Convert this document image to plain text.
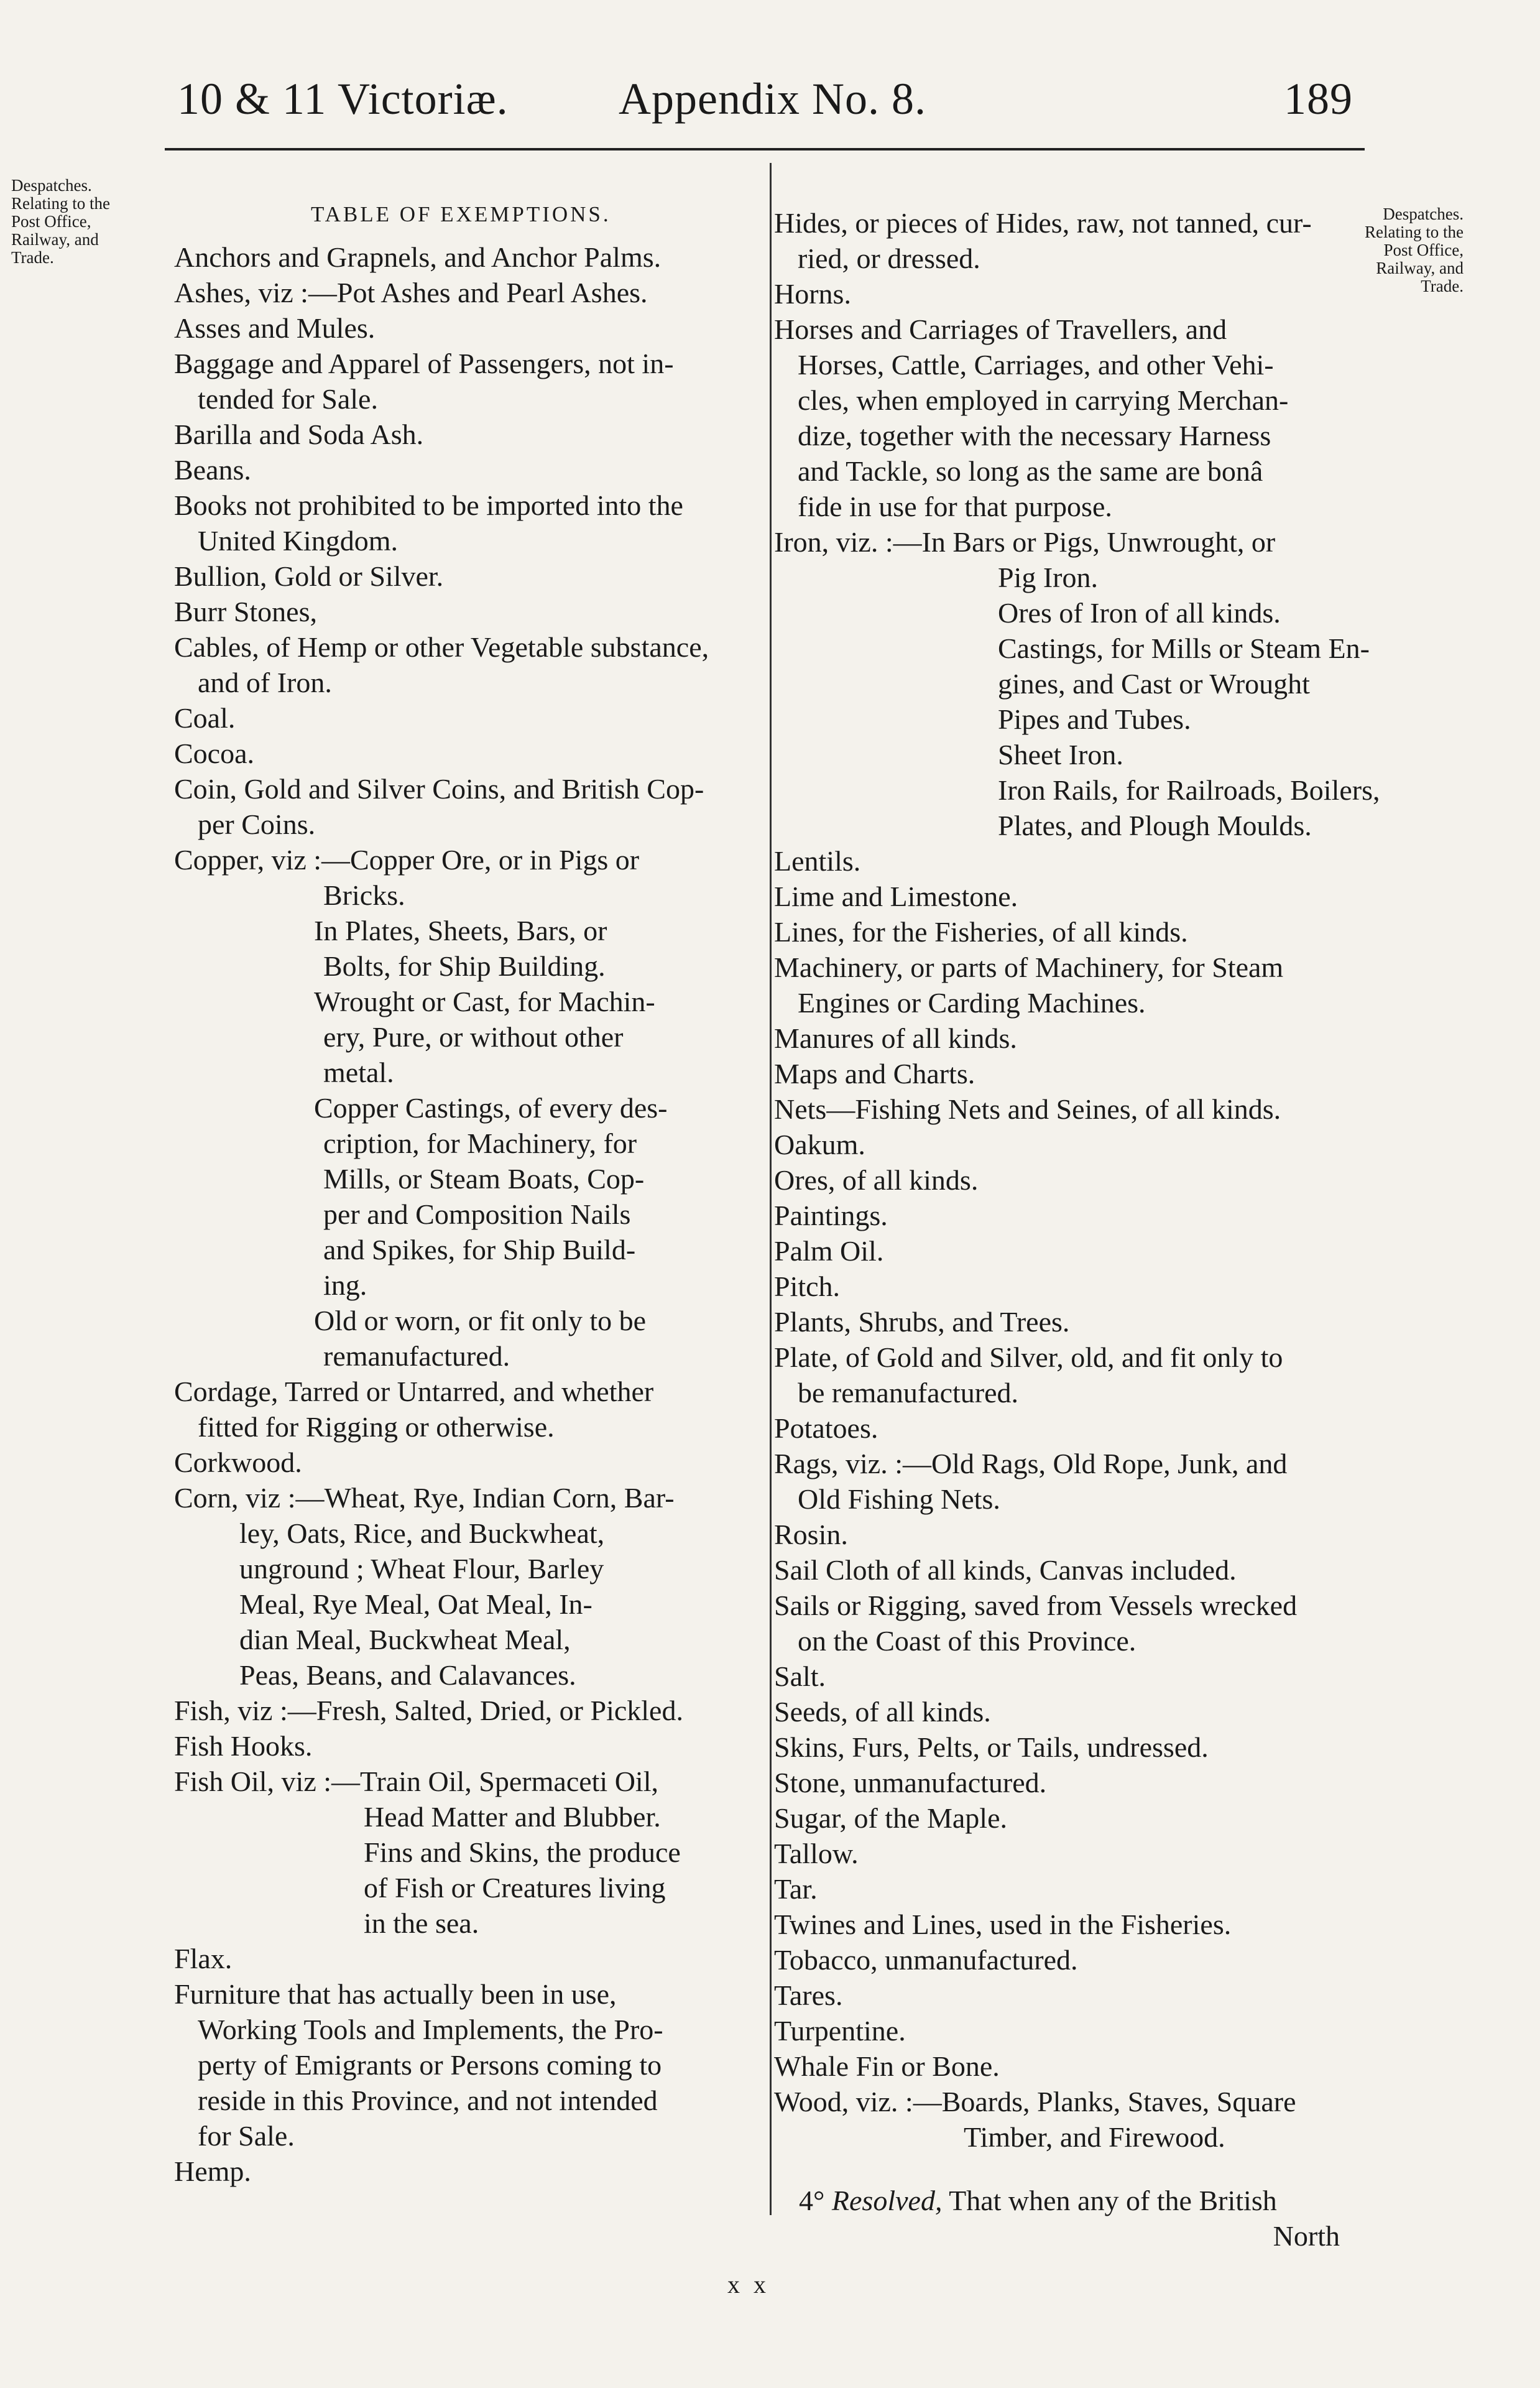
10 & 11 Victoriæ. Appendix No. 8.	189
Despatches.
Relating to the
Post Office,
Railway, and
Trade.
Despatches.
Relating to the
Post Office,
Railway, and
Trade.
TABLE OF EXEMPTIONS.
Anchors and Grapnels, and Anchor Palms.
Ashes, viz :—Pot Ashes and Pearl Ashes.
Asses and Mules.
Baggage and Apparel of Passengers, not in-
tended for Sale.
Barilla and Soda Ash.
Beans.
Books not prohibited to be imported into the
United Kingdom.
Bullion, Gold or Silver.
Burr Stones,
Cables, of Hemp or other Vegetable substance,
and of Iron.
Coal.
Cocoa.
Coin, Gold and Silver Coins, and British Cop-
per Coins.
Copper, viz :—Copper Ore, or in Pigs or
Bricks.
In Plates, Sheets, Bars, or
Bolts, for Ship Building.
Wrought or Cast, for Machin-
ery, Pure, or without other
metal.
Copper Castings, of every des-
cription, for Machinery, for
Mills, or Steam Boats, Cop-
per and Composition Nails
and Spikes, for Ship Build-
ing.
Old or worn, or fit only to be
remanufactured.
Cordage, Tarred or Untarred, and whether
fitted for Rigging or otherwise.
Corkwood.
Corn, viz :—Wheat, Rye, Indian Corn, Bar-
ley, Oats, Rice, and Buckwheat,
unground ; Wheat Flour, Barley
Meal, Rye Meal, Oat Meal, In-
dian Meal, Buckwheat Meal,
Peas, Beans, and Calavances.
Fish, viz :—Fresh, Salted, Dried, or Pickled.
Fish Hooks.
Fish Oil, viz :—Train Oil, Spermaceti Oil,
Head Matter and Blubber.
Fins and Skins, the produce
of Fish or Creatures living
in the sea.
Flax.
Furniture that has actually been in use,
Working Tools and Implements, the Pro-
perty of Emigrants or Persons coming to
reside in this Province, and not intended
for Sale.
Hemp.
Hides, or pieces of Hides, raw, not tanned, cur-
ried, or dressed.
Horns.
Horses and Carriages of Travellers, and
Horses, Cattle, Carriages, and other Vehi-
cles, when employed in carrying Merchan-
dize, together with the necessary Harness
and Tackle, so long as the same are bonâ
fide in use for that purpose.
Iron, viz. :—In Bars or Pigs, Unwrought, or
Pig Iron.
Ores of Iron of all kinds.
Castings, for Mills or Steam En-
gines, and Cast or Wrought
Pipes and Tubes.
Sheet Iron.
Iron Rails, for Railroads, Boilers,
Plates, and Plough Moulds.
Lentils.
Lime and Limestone.
Lines, for the Fisheries, of all kinds.
Machinery, or parts of Machinery, for Steam
Engines or Carding Machines.
Manures of all kinds.
Maps and Charts.
Nets—Fishing Nets and Seines, of all kinds.
Oakum.
Ores, of all kinds.
Paintings.
Palm Oil.
Pitch.
Plants, Shrubs, and Trees.
Plate, of Gold and Silver, old, and fit only to
be remanufactured.
Potatoes.
Rags, viz. :—Old Rags, Old Rope, Junk, and
Old Fishing Nets.
Rosin.
Sail Cloth of all kinds, Canvas included.
Sails or Rigging, saved from Vessels wrecked
on the Coast of this Province.
Salt.
Seeds, of all kinds.
Skins, Furs, Pelts, or Tails, undressed.
Stone, unmanufactured.
Sugar, of the Maple.
Tallow.
Tar.
Twines and Lines, used in the Fisheries.
Tobacco, unmanufactured.
Tares.
Turpentine.
Whale Fin or Bone.
Wood, viz. :—Boards, Planks, Staves, Square
Timber, and Firewood.
4° Resolved, That when any of the British
North
x x
